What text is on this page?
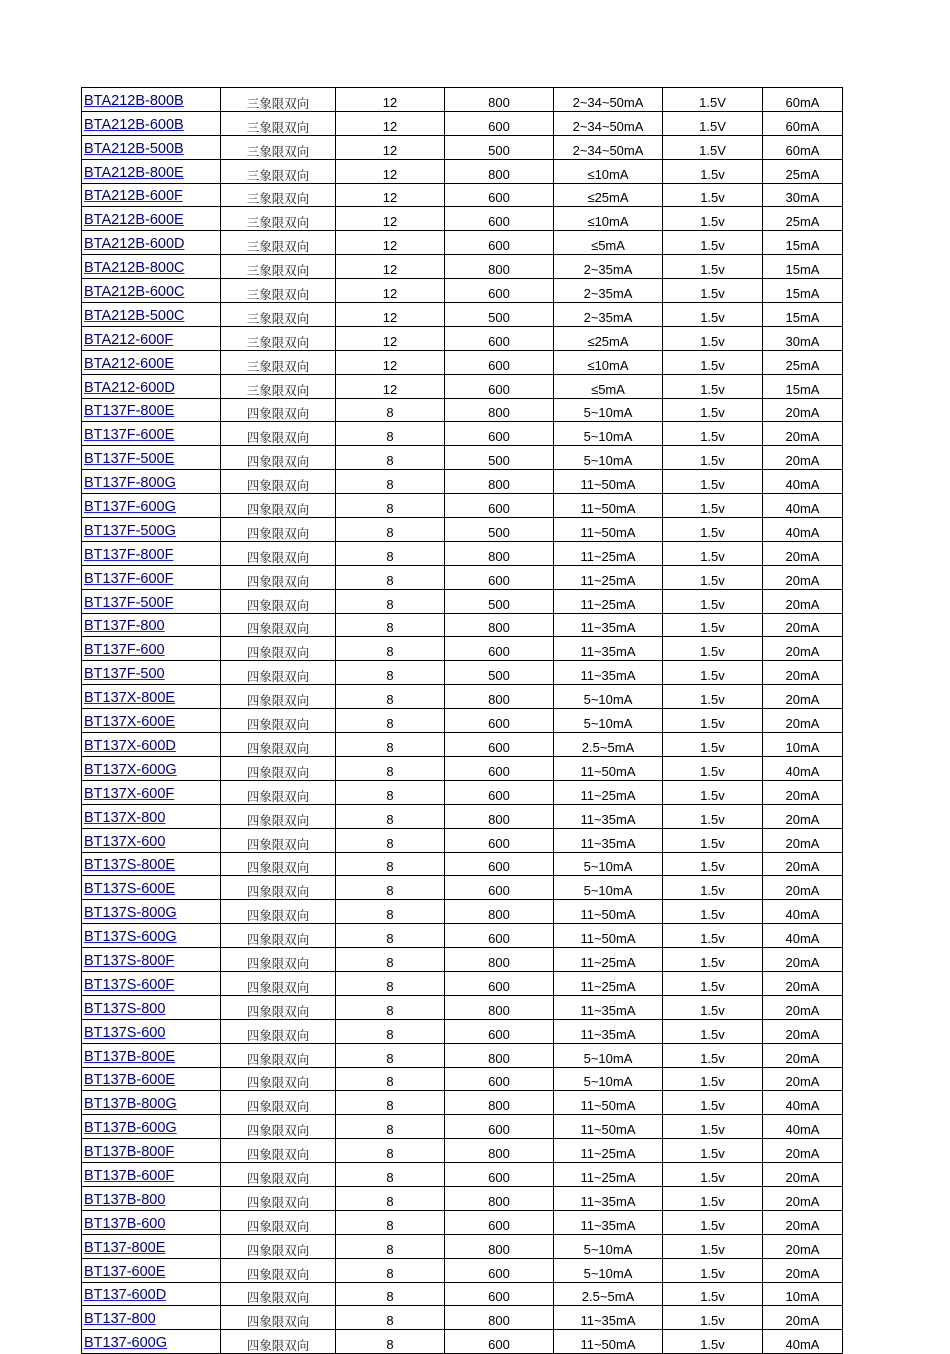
BTA212B-800B	三象限双向	12	800	2~34~50mA	1.5V	60mA
BTA212B-600B	三象限双向	12	600	2~34~50mA	1.5V	60mA
BTA212B-500B	三象限双向	12	500	2~34~50mA	1.5V	60mA
BTA212B-800E	三象限双向	12	800	≤10mA	1.5v	25mA
BTA212B-600F	三象限双向	12	600	≤25mA	1.5v	30mA
BTA212B-600E	三象限双向	12	600	≤10mA	1.5v	25mA
BTA212B-600D	三象限双向	12	600	≤5mA	1.5v	15mA
BTA212B-800C	三象限双向	12	800	2~35mA	1.5v	15mA
BTA212B-600C	三象限双向	12	600	2~35mA	1.5v	15mA
BTA212B-500C	三象限双向	12	500	2~35mA	1.5v	15mA
BTA212-600F	三象限双向	12	600	≤25mA	1.5v	30mA
BTA212-600E	三象限双向	12	600	≤10mA	1.5v	25mA
BTA212-600D	三象限双向	12	600	≤5mA	1.5v	15mA
BT137F-800E	四象限双向	8	800	5~10mA	1.5v	20mA
BT137F-600E	四象限双向	8	600	5~10mA	1.5v	20mA
BT137F-500E	四象限双向	8	500	5~10mA	1.5v	20mA
BT137F-800G	四象限双向	8	800	11~50mA	1.5v	40mA
BT137F-600G	四象限双向	8	600	11~50mA	1.5v	40mA
BT137F-500G	四象限双向	8	500	11~50mA	1.5v	40mA
BT137F-800F	四象限双向	8	800	11~25mA	1.5v	20mA
BT137F-600F	四象限双向	8	600	11~25mA	1.5v	20mA
BT137F-500F	四象限双向	8	500	11~25mA	1.5v	20mA
BT137F-800	四象限双向	8	800	11~35mA	1.5v	20mA
BT137F-600	四象限双向	8	600	11~35mA	1.5v	20mA
BT137F-500	四象限双向	8	500	11~35mA	1.5v	20mA
BT137X-800E	四象限双向	8	800	5~10mA	1.5v	20mA
BT137X-600E	四象限双向	8	600	5~10mA	1.5v	20mA
BT137X-600D	四象限双向	8	600	2.5~5mA	1.5v	10mA
BT137X-600G	四象限双向	8	600	11~50mA	1.5v	40mA
BT137X-600F	四象限双向	8	600	11~25mA	1.5v	20mA
BT137X-800	四象限双向	8	800	11~35mA	1.5v	20mA
BT137X-600	四象限双向	8	600	11~35mA	1.5v	20mA
BT137S-800E	四象限双向	8	600	5~10mA	1.5v	20mA
BT137S-600E	四象限双向	8	600	5~10mA	1.5v	20mA
BT137S-800G	四象限双向	8	800	11~50mA	1.5v	40mA
BT137S-600G	四象限双向	8	600	11~50mA	1.5v	40mA
BT137S-800F	四象限双向	8	800	11~25mA	1.5v	20mA
BT137S-600F	四象限双向	8	600	11~25mA	1.5v	20mA
BT137S-800	四象限双向	8	800	11~35mA	1.5v	20mA
BT137S-600	四象限双向	8	600	11~35mA	1.5v	20mA
BT137B-800E	四象限双向	8	800	5~10mA	1.5v	20mA
BT137B-600E	四象限双向	8	600	5~10mA	1.5v	20mA
BT137B-800G	四象限双向	8	800	11~50mA	1.5v	40mA
BT137B-600G	四象限双向	8	600	11~50mA	1.5v	40mA
BT137B-800F	四象限双向	8	800	11~25mA	1.5v	20mA
BT137B-600F	四象限双向	8	600	11~25mA	1.5v	20mA
BT137B-800	四象限双向	8	800	11~35mA	1.5v	20mA
BT137B-600	四象限双向	8	600	11~35mA	1.5v	20mA
BT137-800E	四象限双向	8	800	5~10mA	1.5v	20mA
BT137-600E	四象限双向	8	600	5~10mA	1.5v	20mA
BT137-600D	四象限双向	8	600	2.5~5mA	1.5v	10mA
BT137-800	四象限双向	8	800	11~35mA	1.5v	20mA
BT137-600G	四象限双向	8	600	11~50mA	1.5v	40mA
